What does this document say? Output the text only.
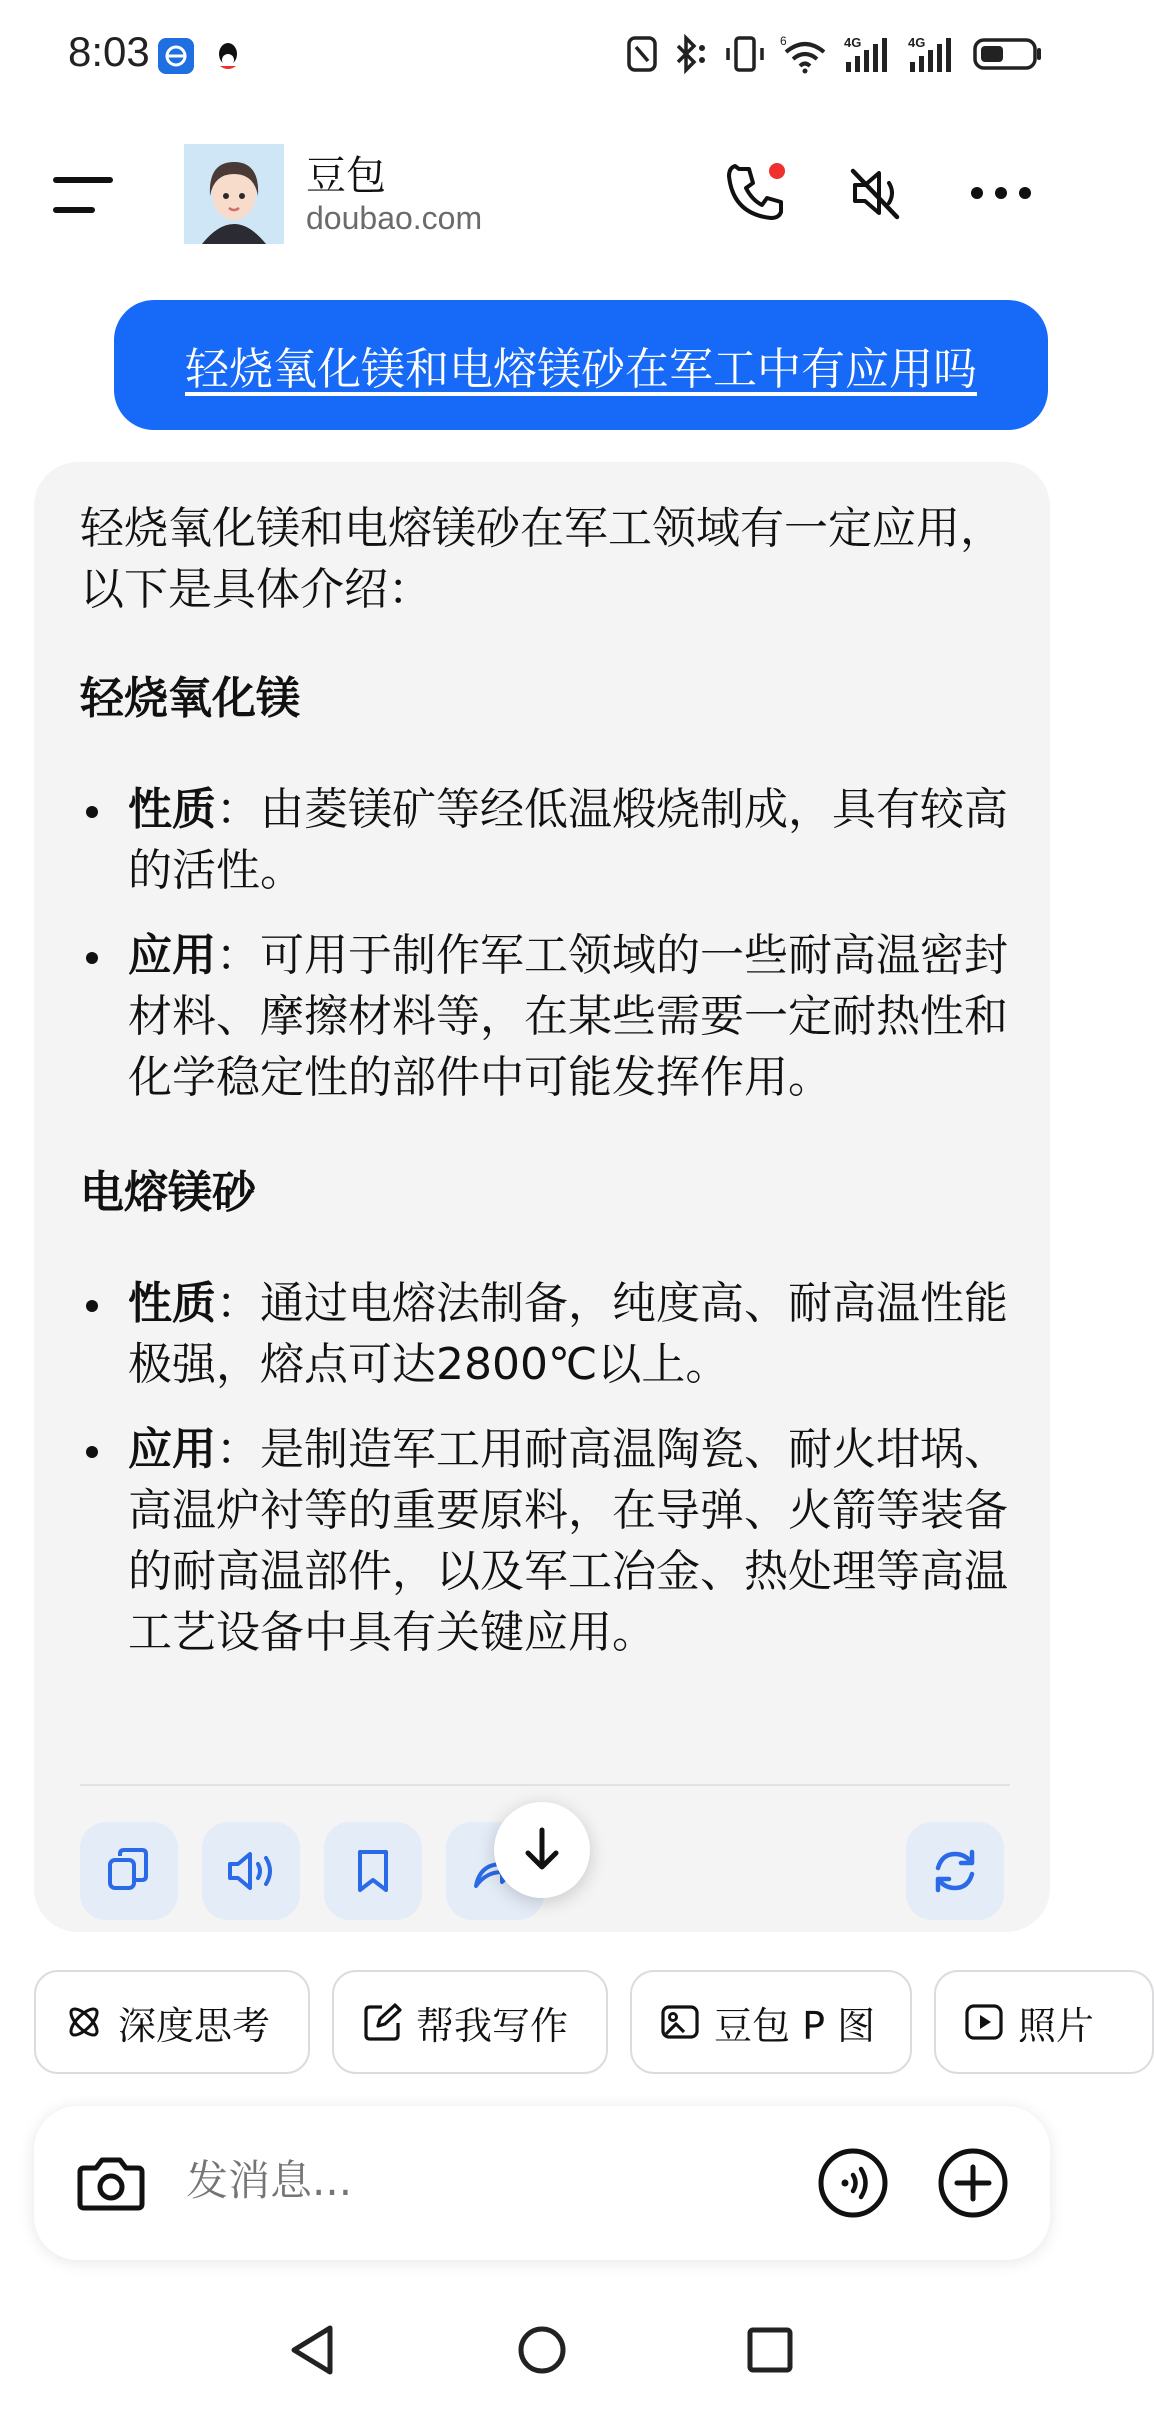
8:03	6	4G	4G
豆包
doubao.com
轻烧氧化镁和电熔镁砂在军工中有应用吗

轻烧氧化镁和电熔镁砂在军工领域有一定应用，以下是具体介绍：

轻烧氧化镁
性质：由菱镁矿等经低温煅烧制成，具有较高的活性。
应用：可用于制作军工领域的一些耐高温密封材料、摩擦材料等，在某些需要一定耐热性和化学稳定性的部件中可能发挥作用。
电熔镁砂
性质：通过电熔法制备，纯度高、耐高温性能极强，熔点可达2800℃以上。
应用：是制造军工用耐高温陶瓷、耐火坩埚、高温炉衬等的重要原料，在导弹、火箭等装备的耐高温部件，以及军工冶金、热处理等高温工艺设备中具有关键应用。
深度思考	帮我写作	豆包 P 图	照片
发消息...
